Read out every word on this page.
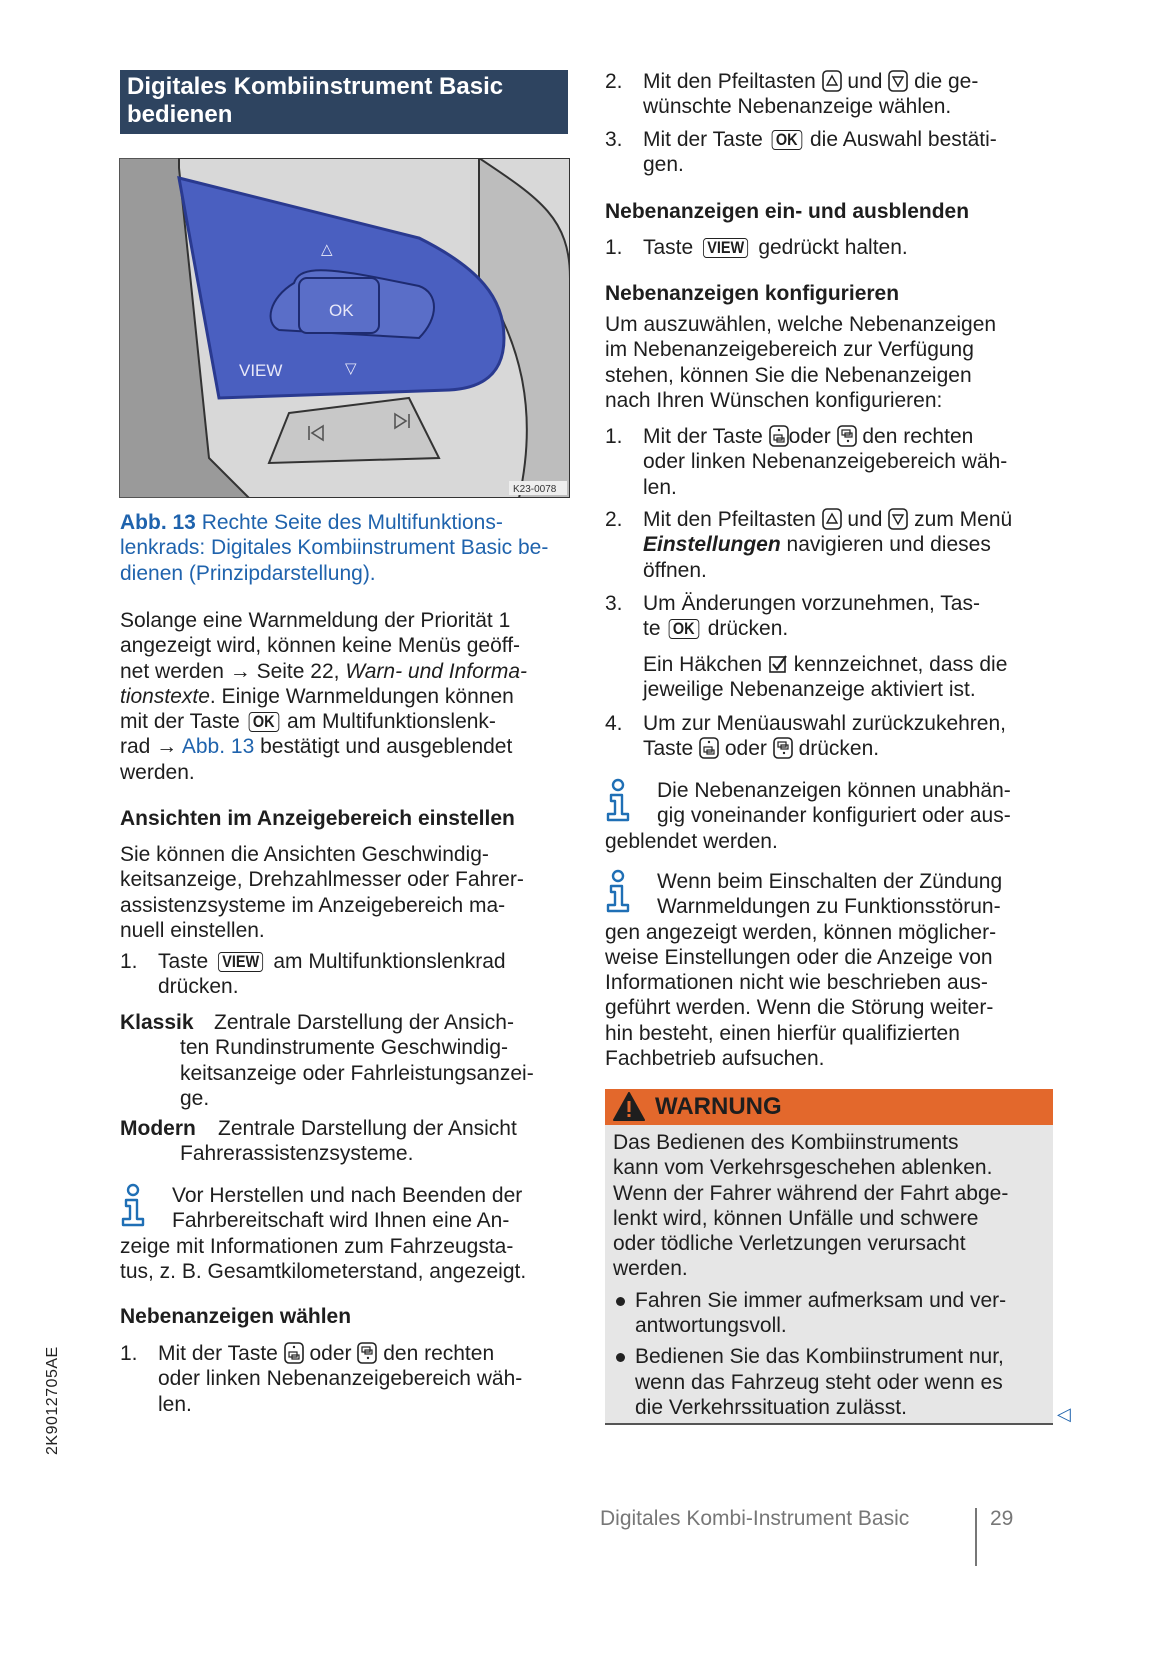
Digitales Kombiinstrument Basic
bedienen
OK
VIEW
△
▽
K23-0078
Abb. 13 Rechte Seite des Multifunktions-
lenkrads: Digitales Kombiinstrument Basic be-
dienen (Prinzipdarstellung).
Solange eine Warnmeldung der Priorität 1
angezeigt wird, können keine Menüs geöff-
net werden → Seite 22, Warn- und Informa-
tionstexte. Einige Warnmeldungen können
mit der Taste OK am Multifunktionslenk-
rad → Abb. 13 bestätigt und ausgeblendet
werden.
Ansichten im Anzeigebereich einstellen
Sie können die Ansichten Geschwindig-
keitsanzeige, Drehzahlmesser oder Fahrer-
assistenzsysteme im Anzeigebereich ma-
nuell einstellen.
1. Taste VIEW am Multifunktionslenkrad
drücken.
Klassik Zentrale Darstellung der Ansich-
ten Rundinstrumente Geschwindig-
keitsanzeige oder Fahrleistungsanzei-
ge.
Modern	Zentrale Darstellung der Ansicht
Fahrerassistenzsysteme.
Vor Herstellen und nach Beenden der
Fahrbereitschaft wird Ihnen eine An-
zeige mit Informationen zum Fahrzeugsta-
tus, z. B. Gesamtkilometerstand, angezeigt.
Nebenanzeigen wählen
1. Mit der Taste  oder  den rechten
oder linken Nebenanzeigebereich wäh-
len.
2. Mit den Pfeiltasten  und  die ge-
wünschte Nebenanzeige wählen.
3. Mit der Taste OK die Auswahl bestäti-
gen.
Nebenanzeigen ein- und ausblenden
1. Taste VIEW gedrückt halten.
Nebenanzeigen konfigurieren
Um auszuwählen, welche Nebenanzeigen
im Nebenanzeigebereich zur Verfügung
stehen, können Sie die Nebenanzeigen
nach Ihren Wünschen konfigurieren:
1. Mit der Taste oder  den rechten
oder linken Nebenanzeigebereich wäh-
len.
2. Mit den Pfeiltasten  und  zum Menü
Einstellungen navigieren und dieses
öffnen.
3. Um Änderungen vorzunehmen, Tas-
te OK drücken.
Ein Häkchen  kennzeichnet, dass die
jeweilige Nebenanzeige aktiviert ist.
4. Um zur Menüauswahl zurückzukehren,
Taste  oder  drücken.
Die Nebenanzeigen können unabhän-
gig voneinander konfiguriert oder aus-
geblendet werden.
Wenn beim Einschalten der Zündung
Warnmeldungen zu Funktionsstörun-
gen angezeigt werden, können möglicher-
weise Einstellungen oder die Anzeige von
Informationen nicht wie beschrieben aus-
geführt werden. Wenn die Störung weiter-
hin besteht, einen hierfür qualifizierten
Fachbetrieb aufsuchen.
WARNUNG
Das Bedienen des Kombiinstruments
kann vom Verkehrsgeschehen ablenken.
Wenn der Fahrer während der Fahrt abge-
lenkt wird, können Unfälle und schwere
oder tödliche Verletzungen verursacht
werden.
Fahren Sie immer aufmerksam und ver-
antwortungsvoll.
Bedienen Sie das Kombiinstrument nur,
wenn das Fahrzeug steht oder wenn es
die Verkehrssituation zulässt.	◁
2K9012705AE
Digitales Kombi-Instrument Basic	29
